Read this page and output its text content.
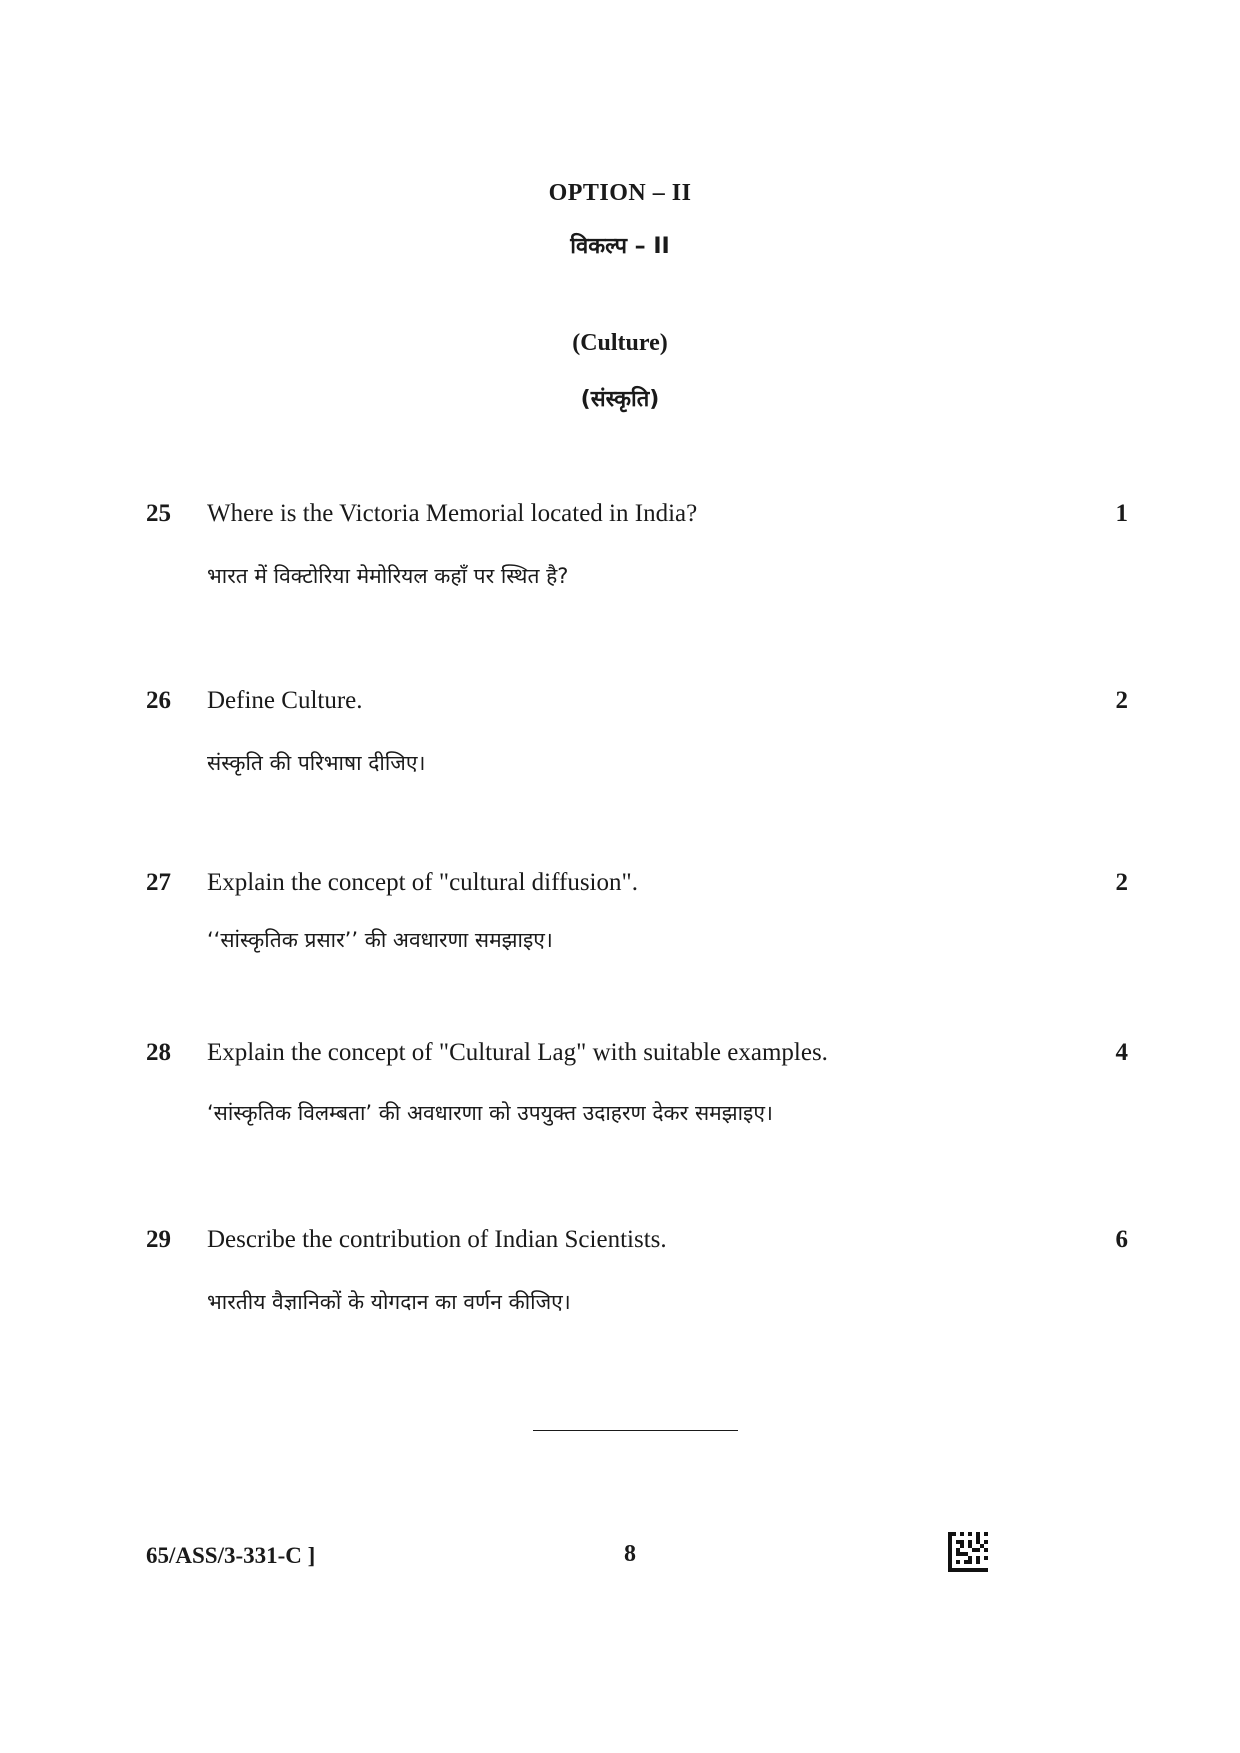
OPTION – II
विकल्प – II
(Culture)
(संस्कृति)
25 Where is the Victoria Memorial located in India?	1
भारत में विक्टोरिया मेमोरियल कहाँ पर स्थित है?
26 Define Culture.	2
संस्कृति की परिभाषा दीजिए।
27 Explain the concept of "cultural diffusion".	2
‘‘सांस्कृतिक प्रसार’’ की अवधारणा समझाइए।
28 Explain the concept of "Cultural Lag" with suitable examples.	4
‘सांस्कृतिक विलम्बता’ की अवधारणा को उपयुक्त उदाहरण देकर समझाइए।
29 Describe the contribution of Indian Scientists.	6
भारतीय वैज्ञानिकों के योगदान का वर्णन कीजिए।
65/ASS/3-331-C ]	8
